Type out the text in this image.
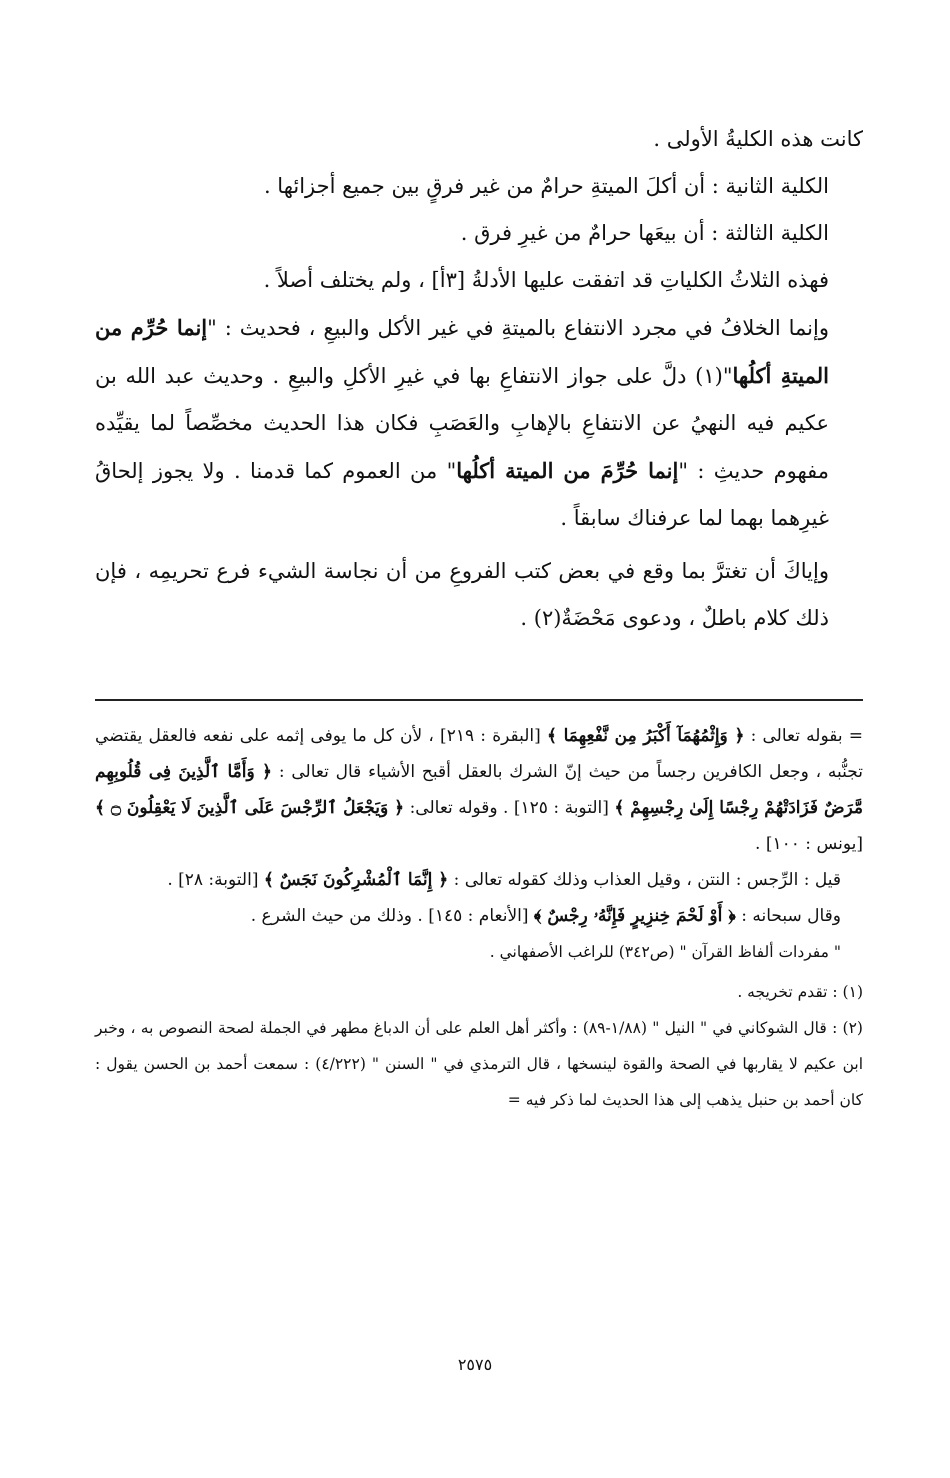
كانت هذه الكليةُ الأولى .

الكلية الثانية : أن أكلَ الميتةِ حرامٌ من غير فرقٍ بين جميع أجزائها .

الكلية الثالثة : أن بيعَها حرامٌ من غيرِ فرق .

فهذه الثلاثُ الكلياتِ قد اتفقت عليها الأدلةُ [٣أ] ، ولم يختلف أصلاً .

وإنما الخلافُ في مجرد الانتفاع بالميتةِ في غير الأكل والبيعِ ، فحديث : "إنما حُرِّم من الميتةِ أكلُها"(١) دلَّ على جواز الانتفاعِ بها في غيرِ الأكلِ والبيعِ . وحديث عبد الله بن عكيم فيه النهيُ عن الانتفاعِ بالإهابِ والعَصَبِ فكان هذا الحديث مخصِّصاً لما يقيِّده مفهوم حديثِ : "إنما حُرِّمَ من الميتة أكلُها" من العموم كما قدمنا . ولا يجوز إلحاقُ غيرِهما بهما لما عرفناك سابقاً .

وإياكَ أن تغترَّ بما وقع في بعض كتب الفروعِ من أن نجاسة الشيء فرع تحريمِه ، فإن ذلك كلام باطلٌ ، ودعوى مَحْضَةٌ(٢) .

= بقوله تعالى : ﴿ وَإِثْمُهُمَآ أَكْبَرُ مِن نَّفْعِهِمَا ﴾ [البقرة : ٢١٩] ، لأن كل ما يوفى إثمه على نفعه فالعقل يقتضي تجنُّبه ، وجعل الكافرين رجساً من حيث إنّ الشرك بالعقل أقبح الأشياء قال تعالى : ﴿ وَأَمَّا ٱلَّذِينَ فِى قُلُوبِهِم مَّرَضٌ فَزَادَتْهُمْ رِجْسًا إِلَىٰ رِجْسِهِمْ ﴾ [التوبة : ١٢٥] . وقوله تعالى: ﴿ وَيَجْعَلُ ٱلرِّجْسَ عَلَى ٱلَّذِينَ لَا يَعْقِلُونَ ۝ ﴾ [يونس : ١٠٠] .

قيل : الرِّجس : النتن ، وقيل العذاب وذلك كقوله تعالى : ﴿ إِنَّمَا ٱلْمُشْرِكُونَ نَجَسٌ ﴾ [التوبة: ٢٨] .

وقال سبحانه : ﴿ أَوْ لَحْمَ خِنزِيرٍ فَإِنَّهُۥ رِجْسٌ ﴾ [الأنعام : ١٤٥] . وذلك من حيث الشرع .

" مفردات ألفاظ القرآن " (ص٣٤٢) للراغب الأصفهاني .

(١) : تقدم تخريجه .

(٢) : قال الشوكاني في " النيل " (١/٨٨-٨٩) : وأكثر أهل العلم على أن الدباغ مطهر في الجملة لصحة النصوص به ، وخبر ابن عكيم لا يقاربها في الصحة والقوة لينسخها ، قال الترمذي في " السنن " (٤/٢٢٢) : سمعت أحمد بن الحسن يقول : كان أحمد بن حنبل يذهب إلى هذا الحديث لما ذكر فيه =

٢٥٧٥
